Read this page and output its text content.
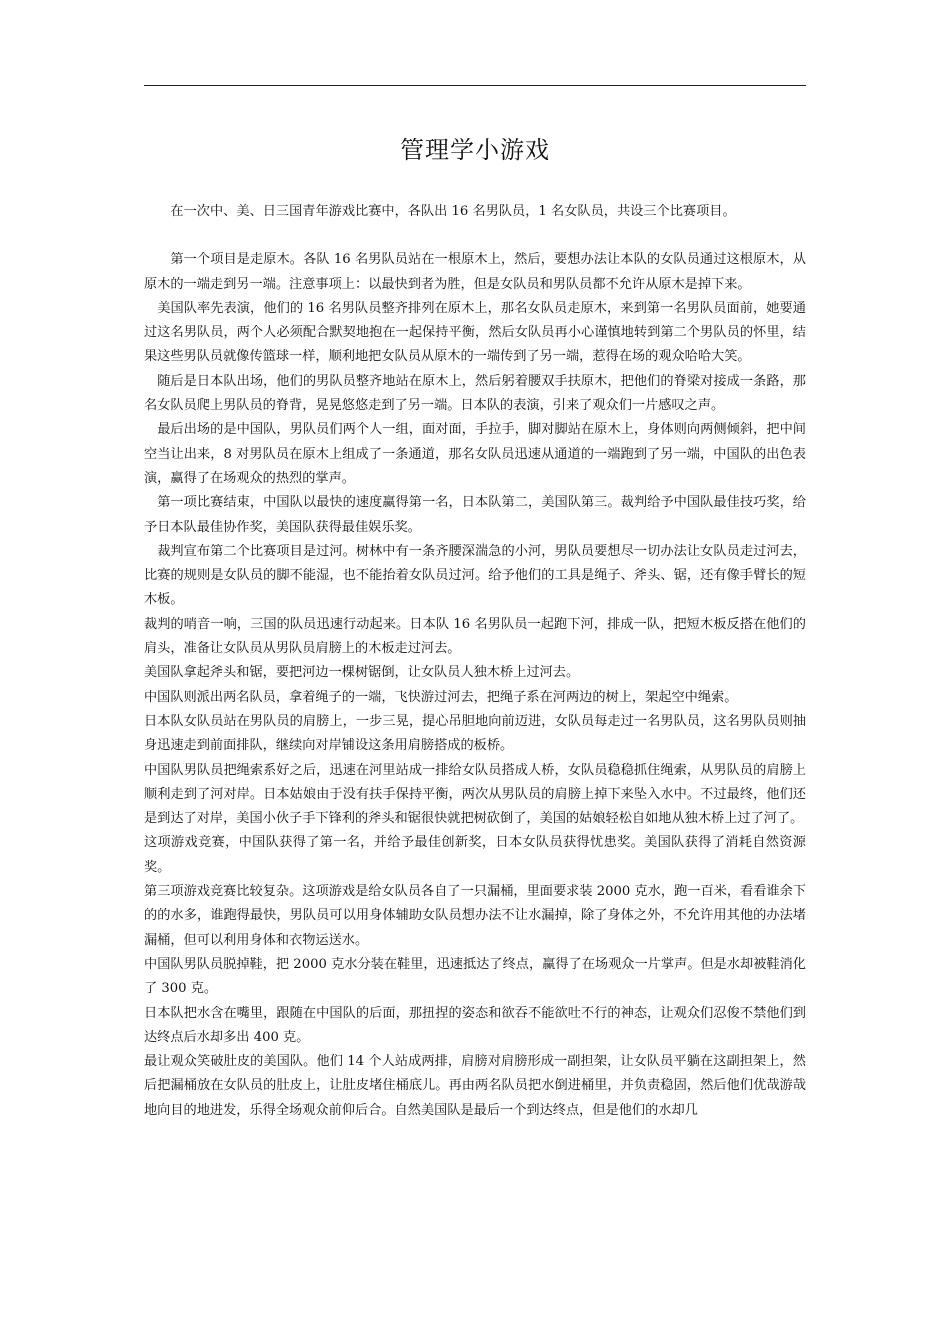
管理学小游戏

在一次中、美、日三国青年游戏比赛中，各队出 16 名男队员，1 名女队员，共设三个比赛项目。

第一个项目是走原木。各队 16 名男队员站在一根原木上，然后，要想办法让本队的女队员通过这根原木，从原木的一端走到另一端。注意事项上：以最快到者为胜，但是女队员和男队员都不允许从原木是掉下来。

美国队率先表演，他们的 16 名男队员整齐排列在原木上，那名女队员走原木，来到第一名男队员面前，她要通过这名男队员，两个人必须配合默契地抱在一起保持平衡，然后女队员再小心谨慎地转到第二个男队员的怀里，结果这些男队员就像传篮球一样，顺利地把女队员从原木的一端传到了另一端，惹得在场的观众哈哈大笑。

随后是日本队出场，他们的男队员整齐地站在原木上，然后躬着腰双手扶原木，把他们的脊梁对接成一条路，那名女队员爬上男队员的脊背，晃晃悠悠走到了另一端。日本队的表演，引来了观众们一片感叹之声。

最后出场的是中国队，男队员们两个人一组，面对面，手拉手，脚对脚站在原木上，身体则向两侧倾斜，把中间空当让出来，8 对男队员在原木上组成了一条通道，那名女队员迅速从通道的一端跑到了另一端，中国队的出色表演，赢得了在场观众的热烈的掌声。

第一项比赛结束，中国队以最快的速度赢得第一名，日本队第二，美国队第三。裁判给予中国队最佳技巧奖，给予日本队最佳协作奖，美国队获得最佳娱乐奖。

裁判宣布第二个比赛项目是过河。树林中有一条齐腰深湍急的小河，男队员要想尽一切办法让女队员走过河去，比赛的规则是女队员的脚不能湿，也不能抬着女队员过河。给予他们的工具是绳子、斧头、锯，还有像手臂长的短木板。

裁判的哨音一响，三国的队员迅速行动起来。日本队 16 名男队员一起跑下河，排成一队，把短木板反搭在他们的肩头，准备让女队员从男队员肩膀上的木板走过河去。

美国队拿起斧头和锯，要把河边一棵树锯倒，让女队员人独木桥上过河去。

中国队则派出两名队员，拿着绳子的一端，飞快游过河去，把绳子系在河两边的树上，架起空中绳索。

日本队女队员站在男队员的肩膀上，一步三晃，提心吊胆地向前迈进，女队员每走过一名男队员，这名男队员则抽身迅速走到前面排队，继续向对岸铺设这条用肩膀搭成的板桥。

中国队男队员把绳索系好之后，迅速在河里站成一排给女队员搭成人桥，女队员稳稳抓住绳索，从男队员的肩膀上顺利走到了河对岸。日本姑娘由于没有扶手保持平衡，两次从男队员的肩膀上掉下来坠入水中。不过最终，他们还是到达了对岸，美国小伙子手下锋利的斧头和锯很快就把树砍倒了，美国的姑娘轻松自如地从独木桥上过了河了。

这项游戏竞赛，中国队获得了第一名，并给予最佳创新奖，日本女队员获得忧患奖。美国队获得了消耗自然资源奖。

第三项游戏竞赛比较复杂。这项游戏是给女队员各自了一只漏桶，里面要求装 2000 克水，跑一百米，看看谁余下的的水多，谁跑得最快，男队员可以用身体辅助女队员想办法不让水漏掉，除了身体之外，不允许用其他的办法堵漏桶，但可以利用身体和衣物运送水。

中国队男队员脱掉鞋，把 2000 克水分装在鞋里，迅速抵达了终点，赢得了在场观众一片掌声。但是水却被鞋消化了 300 克。

日本队把水含在嘴里，跟随在中国队的后面，那扭捏的姿态和欲吞不能欲吐不行的神态，让观众们忍俊不禁他们到达终点后水却多出 400 克。

最让观众笑破肚皮的美国队。他们 14 个人站成两排，肩膀对肩膀形成一副担架，让女队员平躺在这副担架上，然后把漏桶放在女队员的肚皮上，让肚皮堵住桶底儿。再由两名队员把水倒进桶里，并负责稳固，然后他们优哉游哉地向目的地进发，乐得全场观众前仰后合。自然美国队是最后一个到达终点，但是他们的水却几
